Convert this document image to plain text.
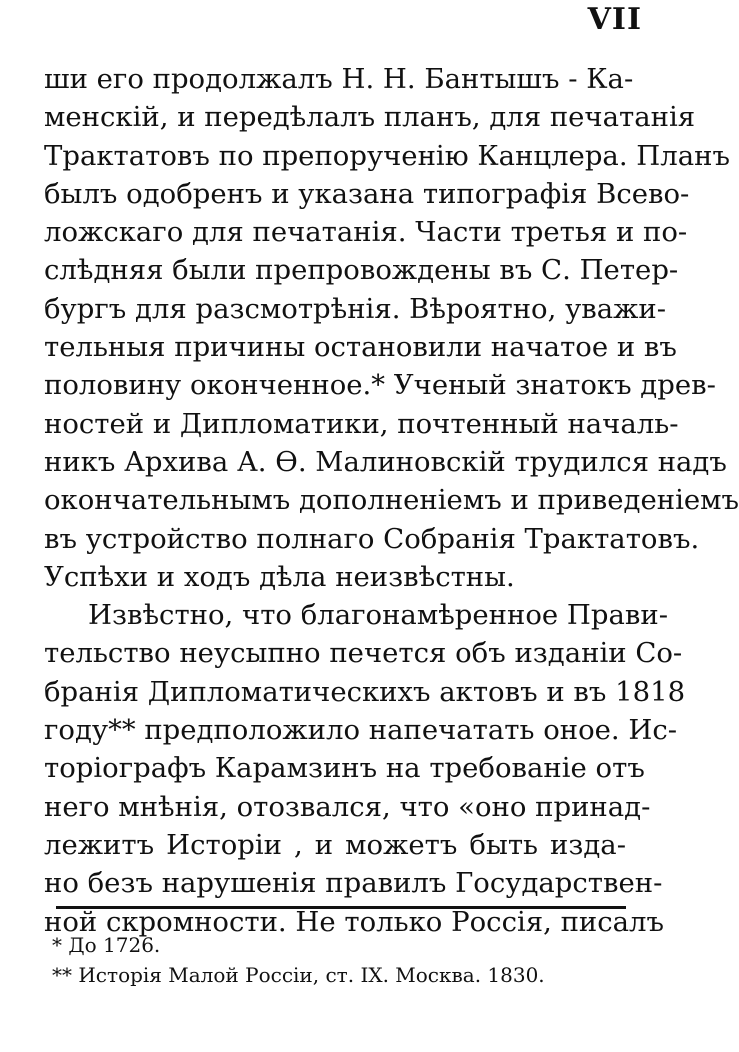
VII
ши его продолжалъ Н. Н. Бантышъ - Ка-
менскій, и передѣлалъ планъ, для печатанія
Трактатовъ по препорученію Канцлера. Планъ
былъ одобренъ и указана типографія Всево-
ложскаго для печатанія. Части третья и по-
слѣдняя были препровождены въ С. Петер-
бургъ для разсмотрѣнія. Вѣроятно, уважи-
тельныя причины остановили начатое и въ
половину оконченное.* Ученый знатокъ древ-
ностей и Дипломатики, почтенный началь-
никъ Архива А. Ѳ. Малиновскій трудился надъ
окончательнымъ дополненіемъ и приведеніемъ
въ устройство полнаго Собранія Трактатовъ.
Успѣхи и ходъ дѣла неизвѣстны.
Извѣстно, что благонамѣренное Прави-
тельство неусыпно печется объ изданіи Со-
бранія Дипломатическихъ актовъ и въ 1818
году** предположило напечатать оное. Ис-
торіографъ Карамзинъ на требованіе отъ
него мнѣнія, отозвался, что «оно принад-
лежитъ Исторіи , и можетъ быть издa-
но безъ нарушенія правилъ Государствен-
ной скромности. Не только Россія, писалъ
* До 1726.
** Исторія Малой Россіи, ст. IX. Москва. 1830.
